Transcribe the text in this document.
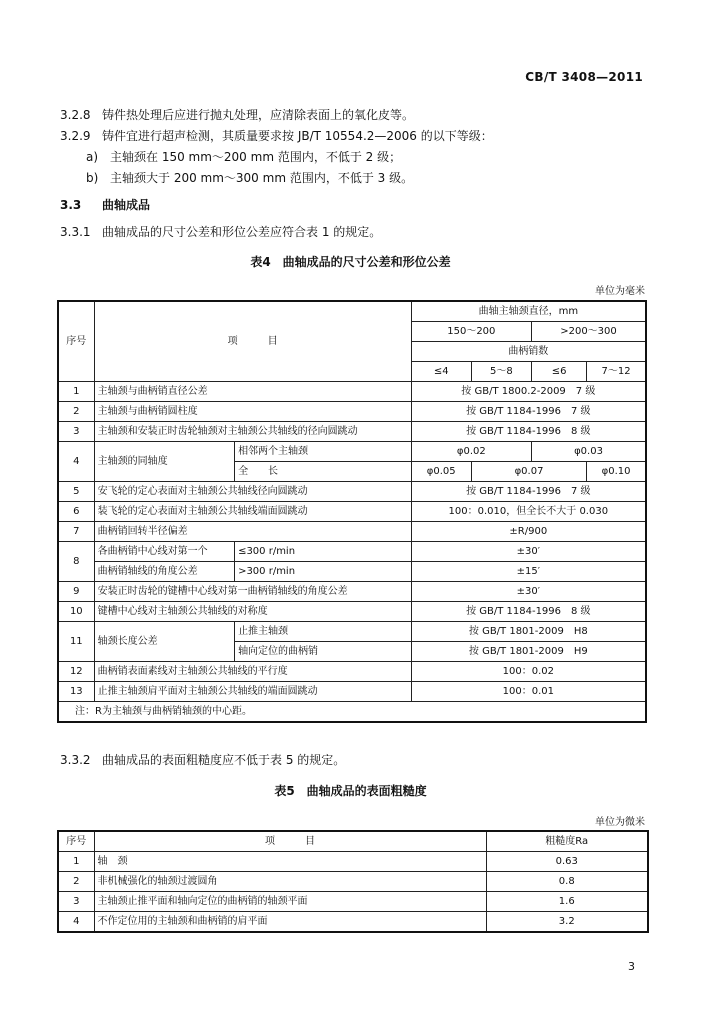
CB/T 3408—2011
3.2.8 铸件热处理后应进行抛丸处理，应清除表面上的氧化皮等。
3.2.9 铸件宜进行超声检测，其质量要求按 JB/T 10554.2—2006 的以下等级：
a) 主轴颈在 150 mm～200 mm 范围内，不低于 2 级；
b) 主轴颈大于 200 mm～300 mm 范围内，不低于 3 级。
3.3 曲轴成品
3.3.1 曲轴成品的尺寸公差和形位公差应符合表 1 的规定。
表4　曲轴成品的尺寸公差和形位公差
单位为毫米
序号	项　　　目		曲轴主轴颈直径，mm			
			150～200		>200～300	
			曲柄销数			
			≤4	5～8	≤6	7～12
1	主轴颈与曲柄销直径公差		按 GB/T 1800.2-2009　7 级			
2	主轴颈与曲柄销圆柱度		按 GB/T 1184-1996　7 级			
3	主轴颈和安装正时齿轮轴颈对主轴颈公共轴线的径向圆跳动		按 GB/T 1184-1996　8 级			
4	主轴颈的同轴度	相邻两个主轴颈	φ0.02		φ0.03	
		全　　长	φ0.05	φ0.07		φ0.10
5	安飞轮的定心表面对主轴颈公共轴线径向圆跳动		按 GB/T 1184-1996　7 级			
6	装飞轮的定心表面对主轴颈公共轴线端面圆跳动		100：0.010，但全长不大于 0.030			
7	曲柄销回转半径偏差		±R/900			
8	各曲柄销中心线对第一个	≤300 r/min	±30′			
	曲柄销轴线的角度公差	>300 r/min	±15′			
9	安装正时齿轮的键槽中心线对第一曲柄销轴线的角度公差		±30′			
10	键槽中心线对主轴颈公共轴线的对称度		按 GB/T 1184-1996　8 级			
11	轴颈长度公差	止推主轴颈	按 GB/T 1801-2009　H8			
		轴向定位的曲柄销	按 GB/T 1801-2009　H9			
12	曲柄销表面素线对主轴颈公共轴线的平行度		100：0.02			
13	止推主轴颈肩平面对主轴颈公共轴线的端面圆跳动		100：0.01			
注：R为主轴颈与曲柄销轴颈的中心距。						
3.3.2 曲轴成品的表面粗糙度应不低于表 5 的规定。
表5　曲轴成品的表面粗糙度
单位为微米
序号	项　　　目	粗糙度Ra
1	轴　颈	0.63
2	非机械强化的轴颈过渡圆角	0.8
3	主轴颈止推平面和轴向定位的曲柄销的轴颈平面	1.6
4	不作定位用的主轴颈和曲柄销的肩平面	3.2
3
